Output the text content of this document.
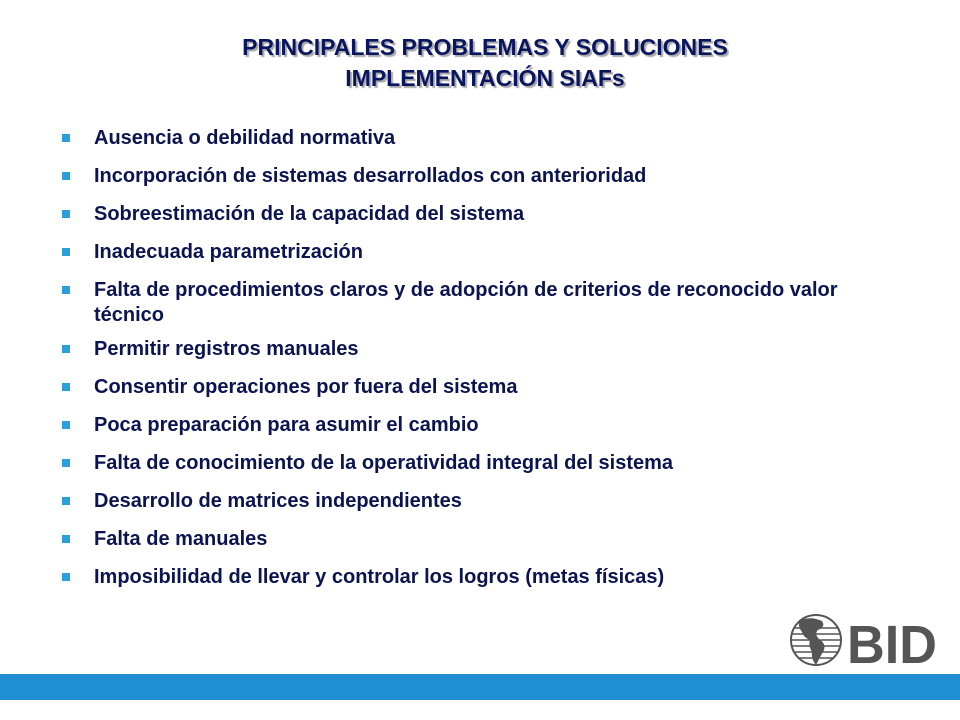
PRINCIPALES PROBLEMAS Y SOLUCIONES
IMPLEMENTACIÓN SIAFs
Ausencia o debilidad normativa
Incorporación de sistemas desarrollados con anterioridad
Sobreestimación de la capacidad del sistema
Inadecuada parametrización
Falta de procedimientos claros y de adopción de criterios de reconocido valor técnico
Permitir registros manuales
Consentir operaciones por fuera del sistema
Poca preparación para asumir el cambio
Falta de conocimiento de la operatividad integral del sistema
Desarrollo de matrices independientes
Falta de manuales
Imposibilidad de llevar y controlar los logros (metas físicas)
BID
